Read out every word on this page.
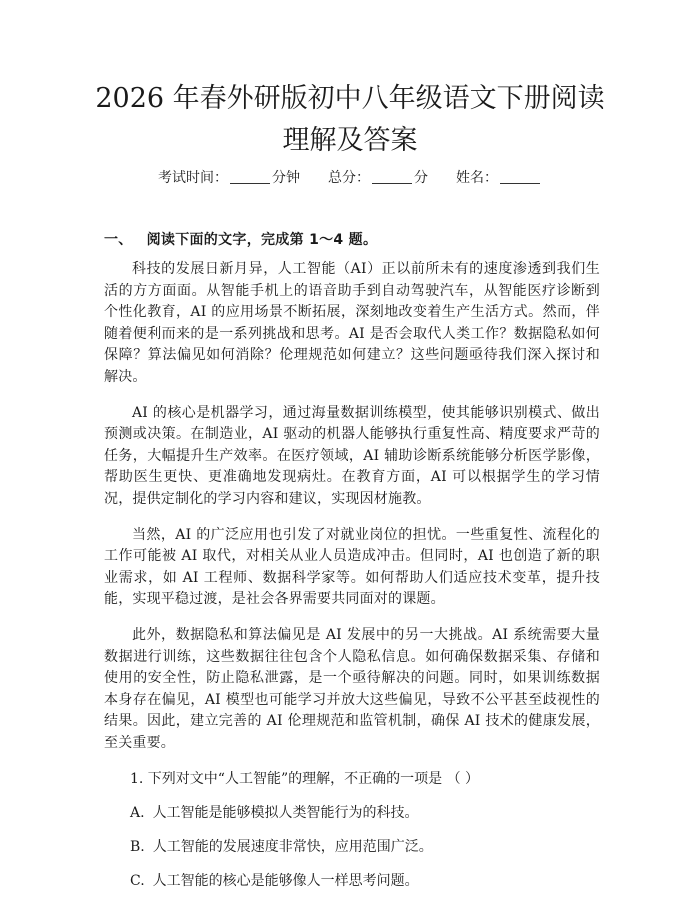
2026 年春外研版初中八年级语文下册阅读理解及答案
考试时间：	分钟 总分：	分 姓名：
一、 阅读下面的文字，完成第 1～4 题。

科技的发展日新月异，人工智能（AI）正以前所未有的速度渗透到我们生活的方方面面。从智能手机上的语音助手到自动驾驶汽车，从智能医疗诊断到个性化教育，AI 的应用场景不断拓展，深刻地改变着生产生活方式。然而，伴随着便利而来的是一系列挑战和思考。AI 是否会取代人类工作？数据隐私如何保障？算法偏见如何消除？伦理规范如何建立？这些问题亟待我们深入探讨和解决。

AI 的核心是机器学习，通过海量数据训练模型，使其能够识别模式、做出预测或决策。在制造业，AI 驱动的机器人能够执行重复性高、精度要求严苛的任务，大幅提升生产效率。在医疗领域，AI 辅助诊断系统能够分析医学影像，帮助医生更快、更准确地发现病灶。在教育方面，AI 可以根据学生的学习情况，提供定制化的学习内容和建议，实现因材施教。

当然，AI 的广泛应用也引发了对就业岗位的担忧。一些重复性、流程化的工作可能被 AI 取代，对相关从业人员造成冲击。但同时，AI 也创造了新的职业需求，如 AI 工程师、数据科学家等。如何帮助人们适应技术变革，提升技能，实现平稳过渡，是社会各界需要共同面对的课题。

此外，数据隐私和算法偏见是 AI 发展中的另一大挑战。AI 系统需要大量数据进行训练，这些数据往往包含个人隐私信息。如何确保数据采集、存储和使用的安全性，防止隐私泄露，是一个亟待解决的问题。同时，如果训练数据本身存在偏见，AI 模型也可能学习并放大这些偏见，导致不公平甚至歧视性的结果。因此，建立完善的 AI 伦理规范和监管机制，确保 AI 技术的健康发展，至关重要。

1. 下列对文中“人工智能”的理解，不正确的一项是 （ ）

A. 人工智能是能够模拟人类智能行为的科技。

B. 人工智能的发展速度非常快，应用范围广泛。

C. 人工智能的核心是能够像人一样思考问题。
